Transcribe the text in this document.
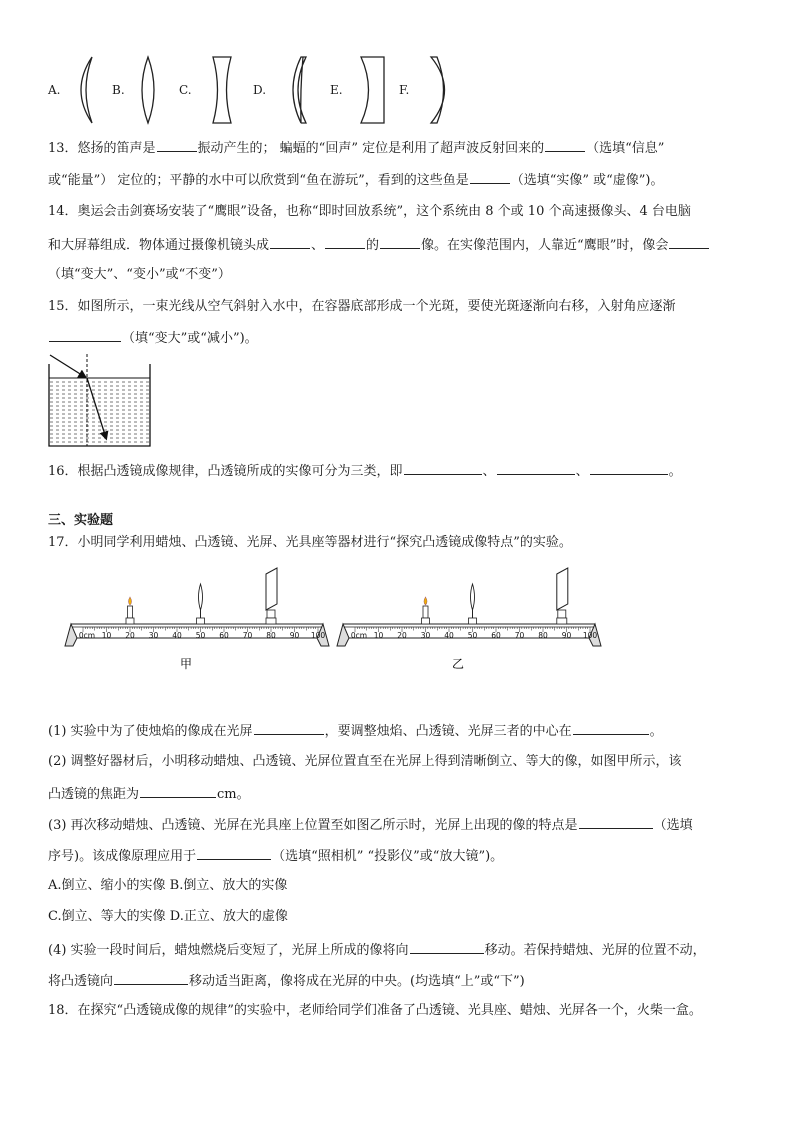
A.	B.	C.	D.	E.	F.
13．悠扬的笛声是	振动产生的； 蝙蝠的“回声” 定位是利用了超声波反射回来的	（选填“信息”
或“能量”） 定位的；平静的水中可以欣赏到“鱼在游玩”，看到的这些鱼是	（选填“实像” 或“虚像”)。
14．奥运会击剑赛场安装了“鹰眼”设备，也称“即时回放系统”，这个系统由 8 个或 10 个高速摄像头、4 台电脑
和大屏幕组成．物体通过摄像机镜头成	、	的	像。在实像范围内，人靠近“鹰眼”时，像会
（填“变大”、“变小”或“不变”）
15．如图所示，一束光线从空气斜射入水中，在容器底部形成一个光斑，要使光斑逐渐向右移，入射角应逐渐
（填“变大”或“减小”)。
16．根据凸透镜成像规律，凸透镜所成的实像可分为三类，即	、	、	。
三、实验题
17．小明同学利用蜡烛、凸透镜、光屏、光具座等器材进行“探究凸透镜成像特点”的实验。
0cm 10 20 30 40 50 60 70 80 90 100	0cm 10 20 30 40 50 60 70 80 90 100
甲	乙
(1) 实验中为了使烛焰的像成在光屏	，要调整烛焰、凸透镜、光屏三者的中心在	。
(2) 调整好器材后，小明移动蜡烛、凸透镜、光屏位置直至在光屏上得到清晰倒立、等大的像，如图甲所示，该
凸透镜的焦距为	cm。
(3) 再次移动蜡烛、凸透镜、光屏在光具座上位置至如图乙所示时，光屏上出现的像的特点是	（选填
序号)。该成像原理应用于	（选填“照相机” “投影仪”或“放大镜”)。
A.倒立、缩小的实像 B.倒立、放大的实像
C.倒立、等大的实像 D.正立、放大的虚像
(4) 实验一段时间后，蜡烛燃烧后变短了，光屏上所成的像将向	移动。若保持蜡烛、光屏的位置不动，
将凸透镜向	移动适当距离，像将成在光屏的中央。(均选填“上”或“下”)
18．在探究“凸透镜成像的规律”的实验中，老师给同学们准备了凸透镜、光具座、蜡烛、光屏各一个，火柴一盒。
